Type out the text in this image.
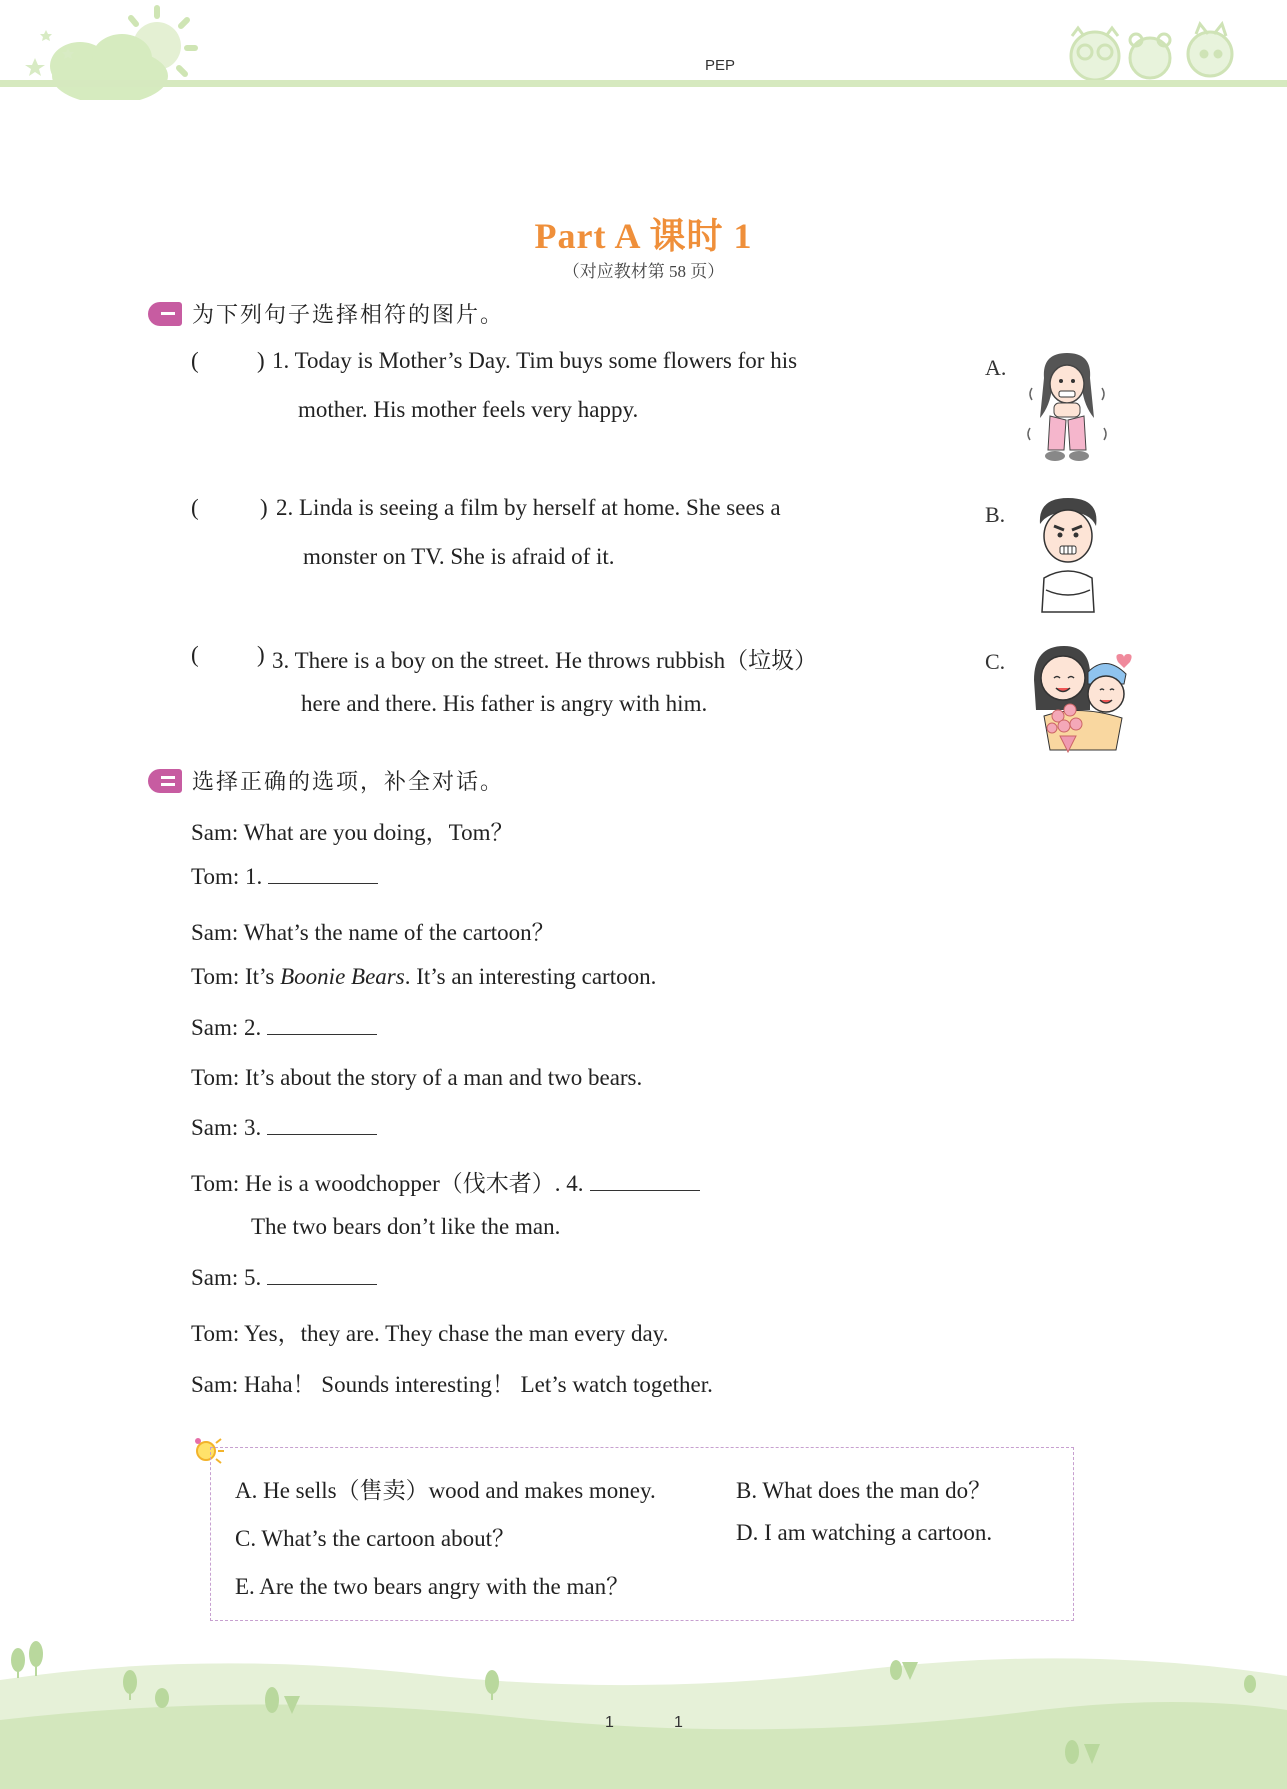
PEP
Part A 课时 1
（对应教材第 58 页）
为下列句子选择相符的图片。
(	) 1. Today is Mother’s Day. Tim buys some flowers for his
mother. His mother feels very happy.
(	) 2. Linda is seeing a film by herself at home. She sees a
monster on TV. She is afraid of it.
(	) 3. There is a boy on the street. He throws rubbish（垃圾）
here and there. His father is angry with him.
A.
B.
C.
选择正确的选项，补全对话。
Sam: What are you doing，Tom？
Tom: 1.
Sam: What’s the name of the cartoon？
Tom: It’s Boonie Bears. It’s an interesting cartoon.
Sam: 2.
Tom: It’s about the story of a man and two bears.
Sam: 3.
Tom: He is a woodchopper（伐木者）. 4.
The two bears don’t like the man.
Sam: 5.
Tom: Yes，they are. They chase the man every day.
Sam: Haha！ Sounds interesting！ Let’s watch together.
A. He sells（售卖）wood and makes money.	B. What does the man do？
C. What’s the cartoon about？	D. I am watching a cartoon.
E. Are the two bears angry with the man？
1	1
